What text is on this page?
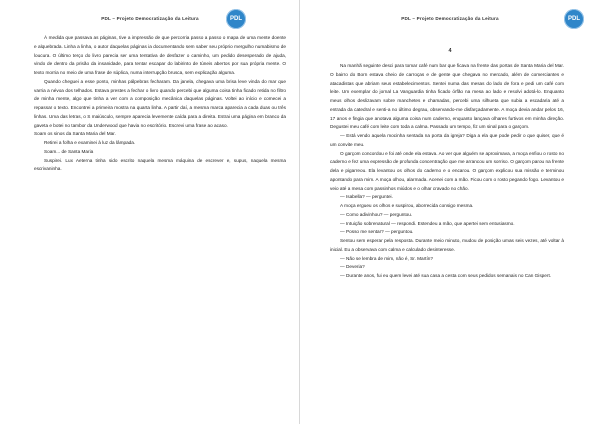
PDL – Projeto Democratização da Leitura	PDL

À medida que passava as páginas, tive a impressão de que percorria passo a passo o mapa de uma mente doente e alquebrada. Linha a linha, o autor daquelas páginas ia documentando sem saber seu próprio mergulho numabismo de loucura. O último terço do livro parecia ser uma tentativa de desfazer o caminho, um pedido desesperado de ajuda, vindo de dentro da prisão da insanidade, para tentar escapar do labirinto de túneis abertos por sua própria mente. O texto morria no meio de uma frase de súplica, numa interrupção brusca, sem explicação alguma.

Quando cheguei a esse ponto, minhas pálpebras fecharam. Da janela, chegava uma brisa leve vinda do mar que varria a névoa dos telhados. Estava prestes a fechar o livro quando percebi que alguma coisa tinha ficado retida no filtro de minha mente, algo que tinha a ver com a composição mecânica daquelas páginas. Voltei ao início e comecei a repassar o texto. Encontrei a primeira mostra na quarta linha. A partir daí, a mesma marca aparecia a cada duas ou três linhas. Uma das letras, o S maiúsculo, sempre aparecia levemente caída para a direita. Estrai uma página em branco da gaveta e botei no tambor da Underwood que havia no escritório. Escrevi uma frase ao acaso.

Soam os sinos da Santa Maria del Mar.

Retirei a folha e examinei à luz da lâmpada.

Soam... de Santa Maria

Suspirei. Lux Aeterna tinha sido escrito naquela mesma máquina de escrever e, supus, naquela mesma escrivaninha.

PDL – Projeto Democratização da Leitura	PDL
4

Na manhã seguinte desci para tomar café num bar que ficava na frente das portas de Santa Maria del Mar. O bairro do Born estava cheio de carroças e de gente que chegava no mercado, além de comerciantes e atacadistas que abriam seus estabelecimentos. Sentei numa das mesas do lado de fora e pedi um café com leite. Um exemplar do jornal La Vanguardia tinha ficado órfão na mesa ao lado e resolvi adotá-lo. Enquanto meus olhos deslizavam sobre manchetes e chamadas, percebi uma silhueta que subia a escadaria até a entrada da catedral e senti-a no último degrau, observando-me disfarçadamente. A moça devia andar pelos 16, 17 anos e fingia que anotava alguma coisa num caderno, enquanto lançava olhares furtivos em minha direção. Degustei meu café com leite com toda a calma. Passado um tempo, fiz um sinal para o garçom.

— Está vendo aquela mocinha sentada na porta da igreja? Diga a ela que pode pedir o que quiser, que é um convite meu.

O garçom concordou e foi até onde ela estava. Ao ver que alguém se aproximava, a moça enfiou o rosto no caderno e fez uma expressão de profunda concentração que me arrancou um sorriso. O garçom parou na frente dela e pigarreou. Ela levantou os olhos do caderno e o encarou. O garçom explicou sua missão e terminou apontando para mim. A moça olhou, alarmada. Acenei com a mão. Ficou com o rosto pegando fogo. Levantou e veio até a mesa com passinhos miúdos e o olhar cravado no chão.

— Isabella? — perguntei.

A moça ergueu os olhos e suspirou, aborrecida consigo mesma.

— Como adivinhou? — perguntou.

— Intuição sobrenatural — respondi. Estendeu a mão, que apertei sem entusiasmo.

— Posso me sentar? — perguntou.

Sentou sem esperar pela resposta. Durante meio minuto, mudou de posição umas seis vezes, até voltar à inicial. Eu a observava com calma e calculado desinteresse.

— Não se lembra de mim, não é, Sr. Martín?

— Deveria?

— Durante anos, fui eu quem levei até sua casa a cesta com seus pedidos semanais no Can Gispert.
